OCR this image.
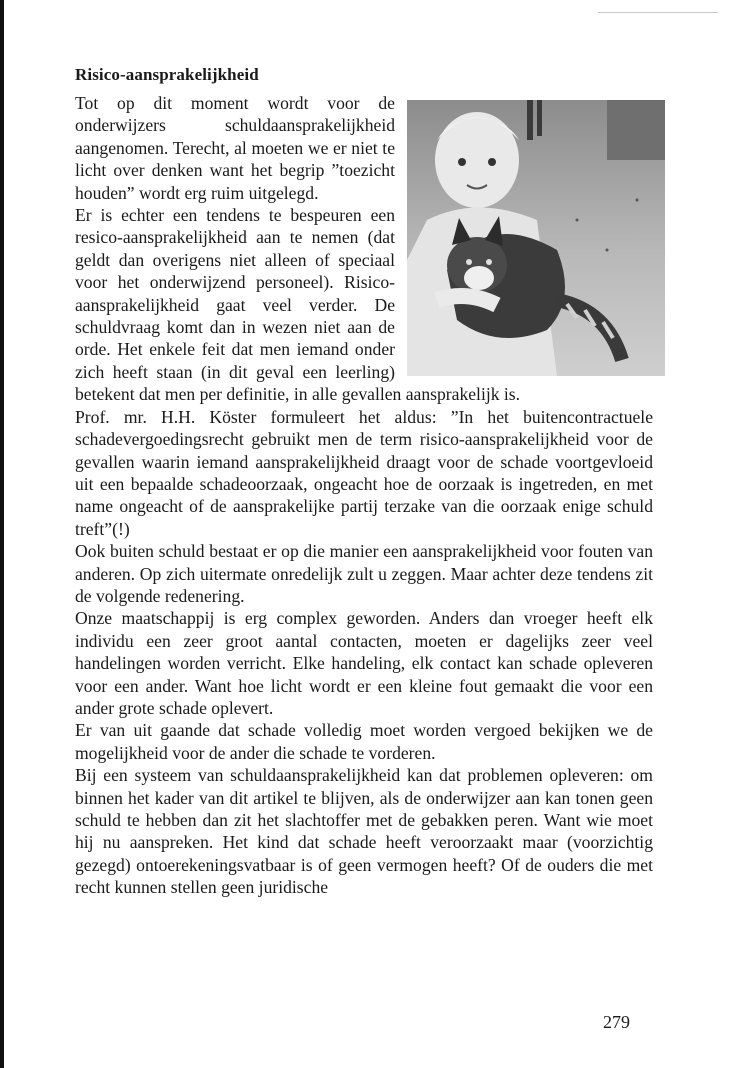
Risico-aansprakelijkheid

Tot op dit moment wordt voor de onderwijzers schuldaansprakelijkheid aangenomen. Terecht, al moeten we er niet te licht over denken want het begrip ”toezicht houden” wordt erg ruim uitgelegd.

Er is echter een tendens te bespeuren een resico-aansprakelijkheid aan te nemen (dat geldt dan overigens niet alleen of speciaal voor het onderwijzend personeel). Risico-aansprakelijkheid gaat veel verder. De schuldvraag komt dan in wezen niet aan de orde. Het enkele feit dat men iemand onder zich heeft staan (in dit geval een leerling) betekent dat men per definitie, in alle gevallen aansprakelijk is.

Prof. mr. H.H. Köster formuleert het aldus: ”In het buitencontractuele schadevergoedingsrecht gebruikt men de term risico-aansprakelijkheid voor de gevallen waarin iemand aansprakelijkheid draagt voor de schade voortgevloeid uit een bepaalde schadeoorzaak, ongeacht hoe de oorzaak is ingetreden, en met name ongeacht of de aansprakelijke partij terzake van die oorzaak enige schuld treft”(!)

Ook buiten schuld bestaat er op die manier een aansprakelijkheid voor fouten van anderen. Op zich uitermate onredelijk zult u zeggen. Maar achter deze tendens zit de volgende redenering.

Onze maatschappij is erg complex geworden. Anders dan vroeger heeft elk individu een zeer groot aantal contacten, moeten er dagelijks zeer veel handelingen worden verricht. Elke handeling, elk contact kan schade opleveren voor een ander. Want hoe licht wordt er een kleine fout gemaakt die voor een ander grote schade oplevert.

Er van uit gaande dat schade volledig moet worden vergoed bekijken we de mogelijkheid voor de ander die schade te vorderen.

Bij een systeem van schuldaansprakelijkheid kan dat problemen opleveren: om binnen het kader van dit artikel te blijven, als de onderwijzer aan kan tonen geen schuld te hebben dan zit het slachtoffer met de gebakken peren. Want wie moet hij nu aanspreken. Het kind dat schade heeft veroorzaakt maar (voorzichtig gezegd) ontoerekeningsvatbaar is of geen vermogen heeft? Of de ouders die met recht kunnen stellen geen juridische

279
